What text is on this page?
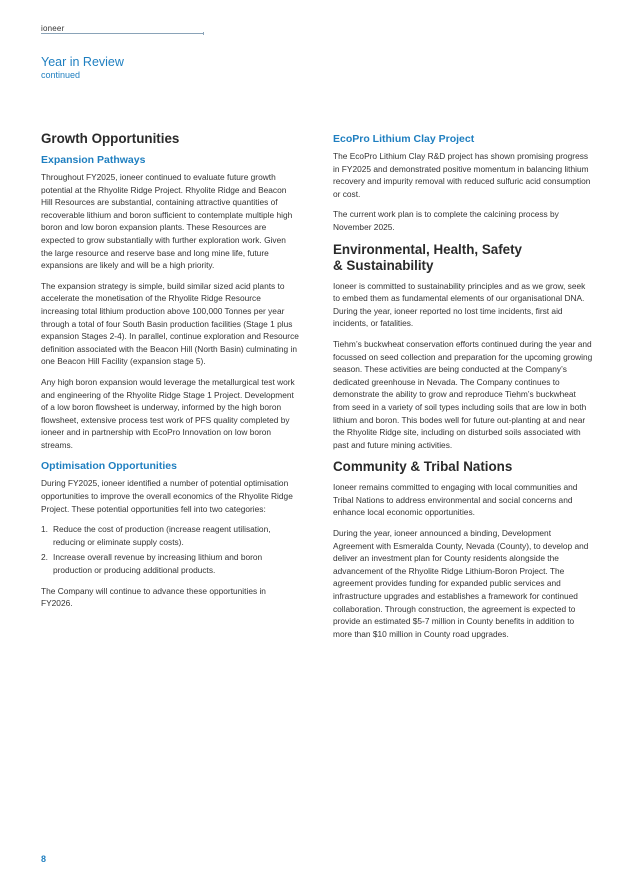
ioneer
Year in Review
continued
Growth Opportunities
Expansion Pathways

Throughout FY2025, ioneer continued to evaluate future growth potential at the Rhyolite Ridge Project. Rhyolite Ridge and Beacon Hill Resources are substantial, containing attractive quantities of recoverable lithium and boron sufficient to contemplate multiple high boron and low boron expansion plants. These Resources are expected to grow substantially with further exploration work. Given the large resource and reserve base and long mine life, future expansions are likely and will be a high priority.

The expansion strategy is simple, build similar sized acid plants to accelerate the monetisation of the Rhyolite Ridge Resource increasing total lithium production above 100,000 Tonnes per year through a total of four South Basin production facilities (Stage 1 plus expansion Stages 2-4). In parallel, continue exploration and Resource definition associated with the Beacon Hill (North Basin) culminating in one Beacon Hill Facility (expansion stage 5).

Any high boron expansion would leverage the metallurgical test work and engineering of the Rhyolite Ridge Stage 1 Project. Development of a low boron flowsheet is underway, informed by the high boron flowsheet, extensive process test work of PFS quality completed by ioneer and in partnership with EcoPro Innovation on low boron streams.

Optimisation Opportunities

During FY2025, ioneer identified a number of potential optimisation opportunities to improve the overall economics of the Rhyolite Ridge Project. These potential opportunities fell into two categories:

1. Reduce the cost of production (increase reagent utilisation, reducing or eliminate supply costs).
2. Increase overall revenue by increasing lithium and boron production or producing additional products.

The Company will continue to advance these opportunities in FY2026.

EcoPro Lithium Clay Project

The EcoPro Lithium Clay R&D project has shown promising progress in FY2025 and demonstrated positive momentum in balancing lithium recovery and impurity removal with reduced sulfuric acid consumption or cost.

The current work plan is to complete the calcining process by November 2025.

Environmental, Health, Safety
& Sustainability

Ioneer is committed to sustainability principles and as we grow, seek to embed them as fundamental elements of our organisational DNA. During the year, ioneer reported no lost time incidents, first aid incidents, or fatalities.

Tiehm’s buckwheat conservation efforts continued during the year and focussed on seed collection and preparation for the upcoming growing season. These activities are being conducted at the Company’s dedicated greenhouse in Nevada. The Company continues to demonstrate the ability to grow and reproduce Tiehm’s buckwheat from seed in a variety of soil types including soils that are low in both lithium and boron. This bodes well for future out-planting at and near the Rhyolite Ridge site, including on disturbed soils associated with past and future mining activities.

Community & Tribal Nations

Ioneer remains committed to engaging with local communities and Tribal Nations to address environmental and social concerns and enhance local economic opportunities.

During the year, ioneer announced a binding, Development Agreement with Esmeralda County, Nevada (County), to develop and deliver an investment plan for County residents alongside the advancement of the Rhyolite Ridge Lithium-Boron Project. The agreement provides funding for expanded public services and infrastructure upgrades and establishes a framework for continued collaboration. Through construction, the agreement is expected to provide an estimated $5-7 million in County benefits in addition to more than $10 million in County road upgrades.

8
